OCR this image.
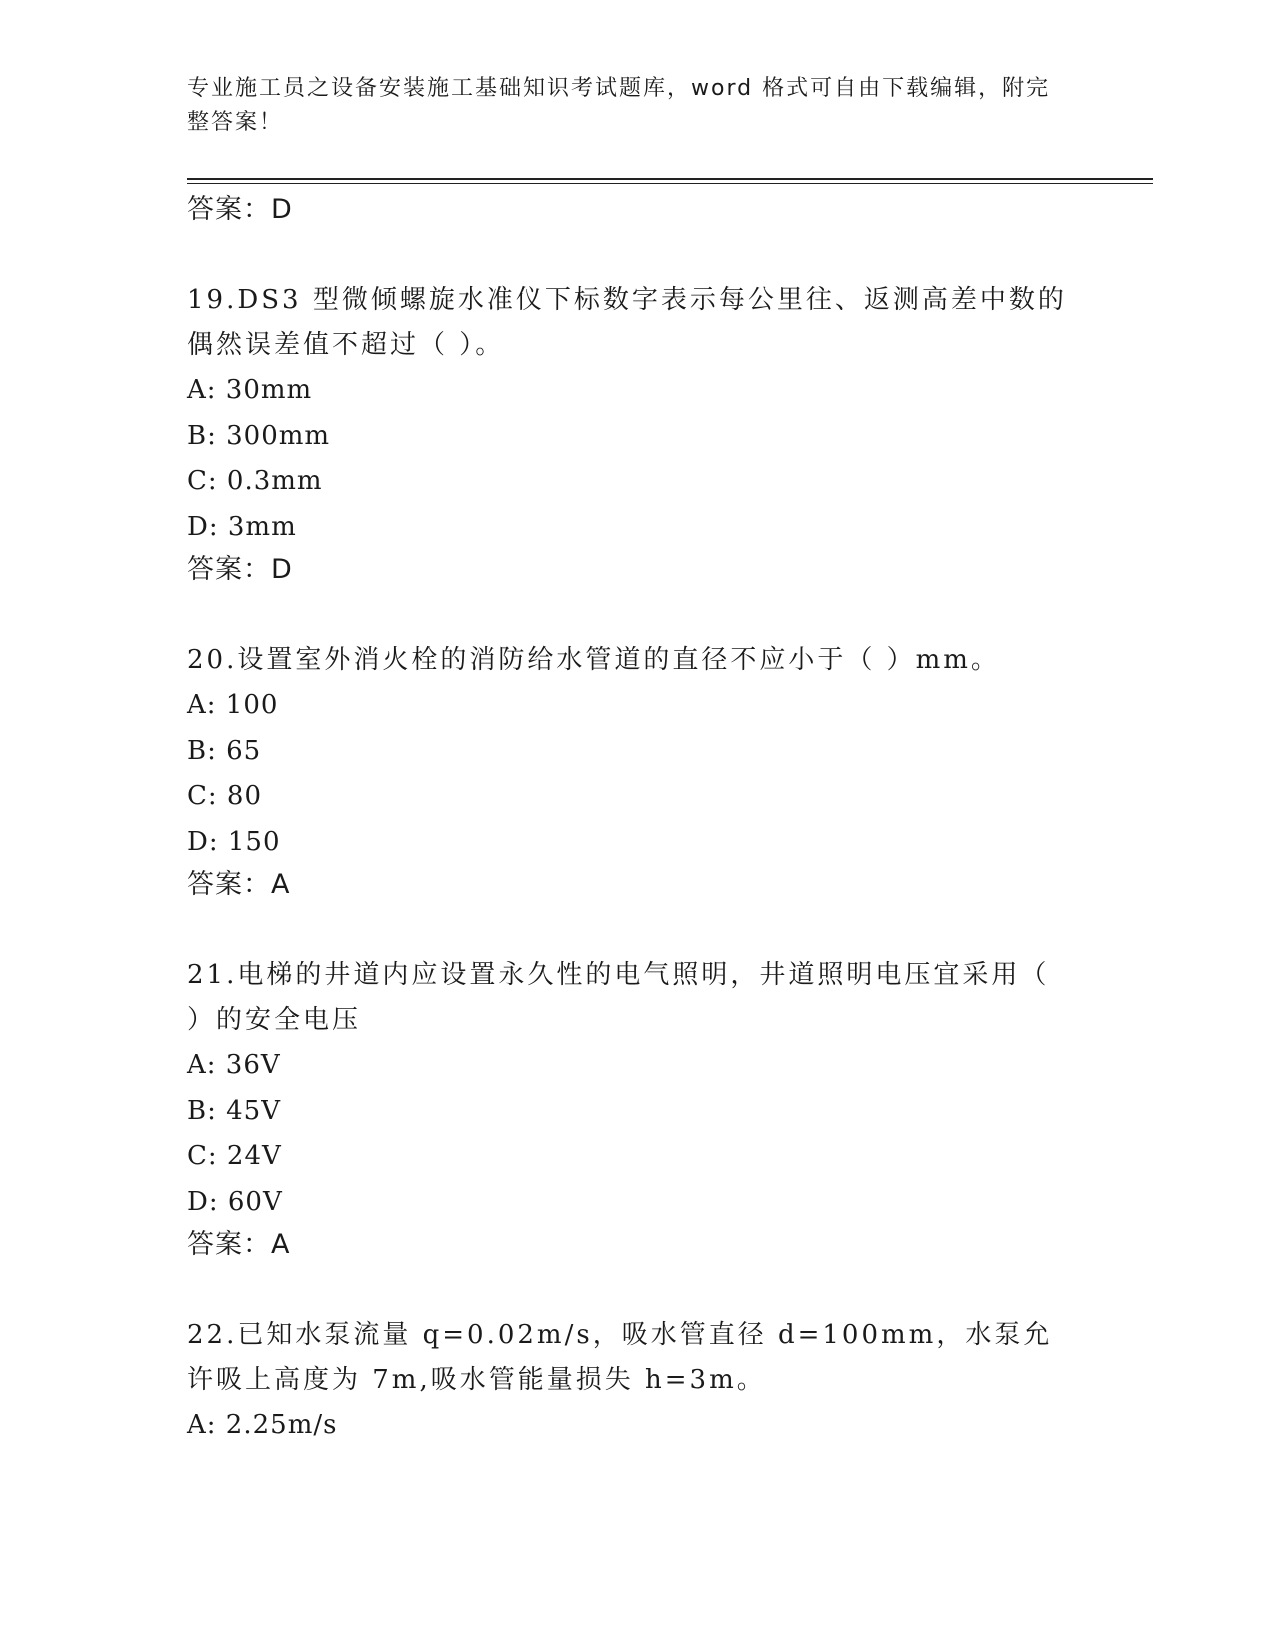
专业施工员之设备安装施工基础知识考试题库，word 格式可自由下载编辑，附完整答案！
答案：D
19.DS3 型微倾螺旋水准仪下标数字表示每公里往、返测高差中数的偶然误差值不超过（ ）。
A: 30mm
B: 300mm
C: 0.3mm
D: 3mm
答案：D
20.设置室外消火栓的消防给水管道的直径不应小于（ ）mm。
A: 100
B: 65
C: 80
D: 150
答案：A
21.电梯的井道内应设置永久性的电气照明，井道照明电压宜采用（ ）的安全电压
A: 36V
B: 45V
C: 24V
D: 60V
答案：A
22.已知水泵流量 q=0.02m/s，吸水管直径 d=100mm，水泵允许吸上高度为 7m,吸水管能量损失 h=3m。
A: 2.25m/s
